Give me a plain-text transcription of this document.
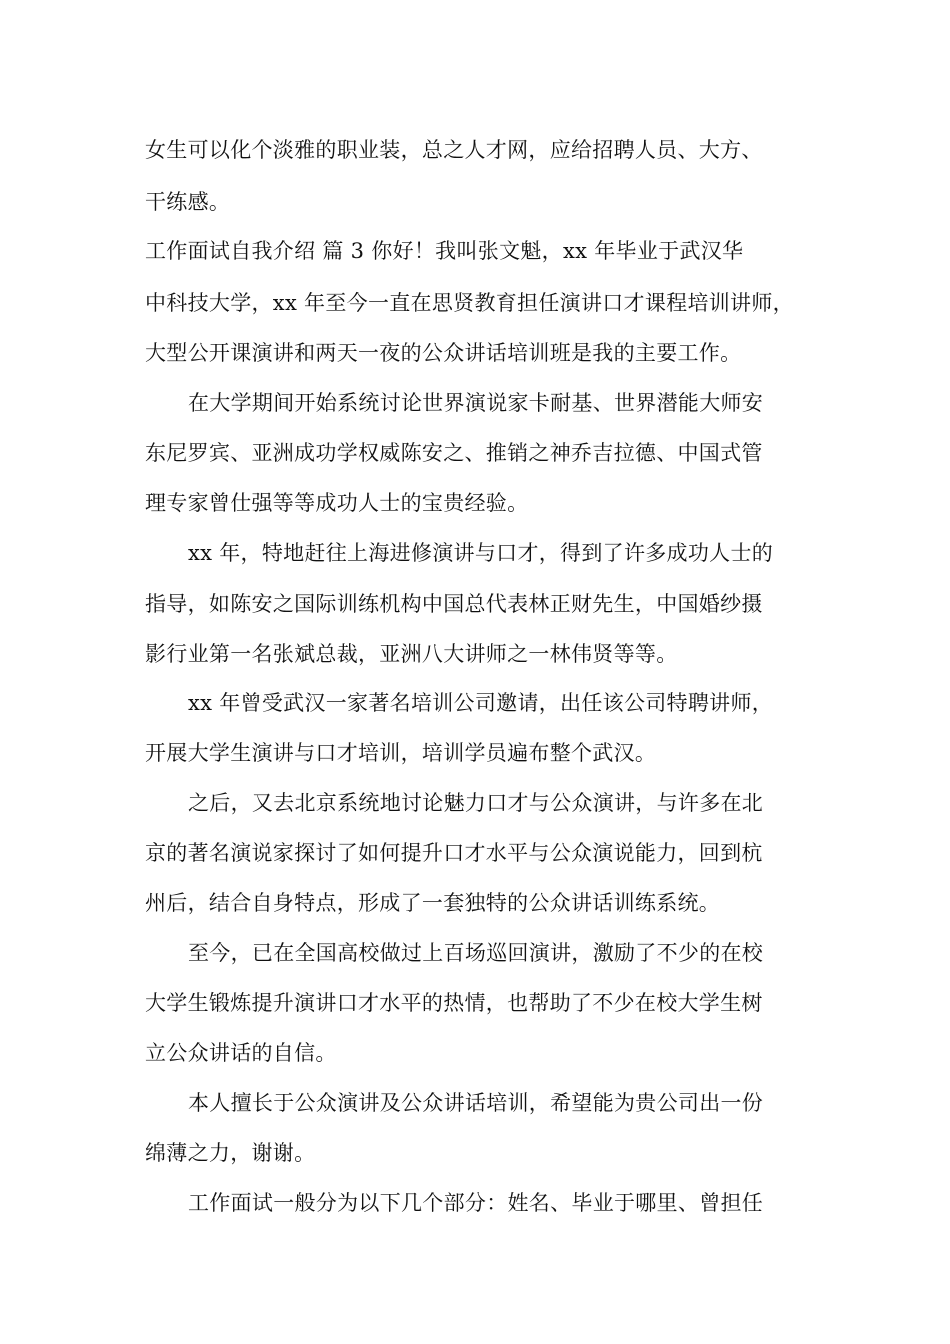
女生可以化个淡雅的职业装，总之人才网，应给招聘人员、大方、
干练感。
工作面试自我介绍 篇 3 你好！我叫张文魁，xx 年毕业于武汉华
中科技大学，xx 年至今一直在思贤教育担任演讲口才课程培训讲师，
大型公开课演讲和两天一夜的公众讲话培训班是我的主要工作。
在大学期间开始系统讨论世界演说家卡耐基、世界潜能大师安
东尼罗宾、亚洲成功学权威陈安之、推销之神乔吉拉德、中国式管
理专家曾仕强等等成功人士的宝贵经验。
xx 年，特地赶往上海进修演讲与口才，得到了许多成功人士的
指导，如陈安之国际训练机构中国总代表林正财先生，中国婚纱摄
影行业第一名张斌总裁，亚洲八大讲师之一林伟贤等等。
xx 年曾受武汉一家著名培训公司邀请，出任该公司特聘讲师，
开展大学生演讲与口才培训，培训学员遍布整个武汉。
之后，又去北京系统地讨论魅力口才与公众演讲，与许多在北
京的著名演说家探讨了如何提升口才水平与公众演说能力，回到杭
州后，结合自身特点，形成了一套独特的公众讲话训练系统。
至今，已在全国高校做过上百场巡回演讲，激励了不少的在校
大学生锻炼提升演讲口才水平的热情，也帮助了不少在校大学生树
立公众讲话的自信。
本人擅长于公众演讲及公众讲话培训，希望能为贵公司出一份
绵薄之力，谢谢。
工作面试一般分为以下几个部分：姓名、毕业于哪里、曾担任
